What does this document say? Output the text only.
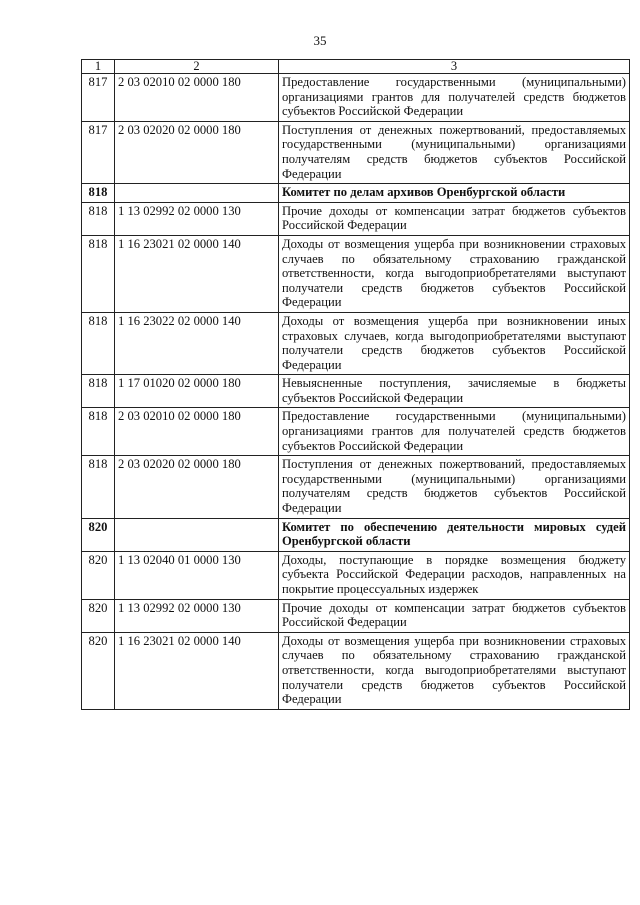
35
1	2	3
817	2 03 02010 02 0000 180	Предоставление государственными (муниципальными) организациями грантов для получателей средств бюджетов субъектов Российской Федерации
817	2 03 02020 02 0000 180	Поступления от денежных пожертвований, предоставляемых государственными (муниципальными) организациями получателям средств бюджетов субъектов Российской Федерации
818		Комитет по делам архивов Оренбургской области
818	1 13 02992 02 0000 130	Прочие доходы от компенсации затрат бюджетов субъектов Российской Федерации
818	1 16 23021 02 0000 140	Доходы от возмещения ущерба при возникновении страховых случаев по обязательному страхованию гражданской ответственности, когда выгодоприобретателями выступают получатели средств бюджетов субъектов Российской Федерации
818	1 16 23022 02 0000 140	Доходы от возмещения ущерба при возникновении иных страховых случаев, когда выгодоприобретателями выступают получатели средств бюджетов субъектов Российской Федерации
818	1 17 01020 02 0000 180	Невыясненные поступления, зачисляемые в бюджеты субъектов Российской Федерации
818	2 03 02010 02 0000 180	Предоставление государственными (муниципальными) организациями грантов для получателей средств бюджетов субъектов Российской Федерации
818	2 03 02020 02 0000 180	Поступления от денежных пожертвований, предоставляемых государственными (муниципальными) организациями получателям средств бюджетов субъектов Российской Федерации
820		Комитет по обеспечению деятельности мировых судей Оренбургской области
820	1 13 02040 01 0000 130	Доходы, поступающие в порядке возмещения бюджету субъекта Российской Федерации расходов, направленных на покрытие процессуальных издержек
820	1 13 02992 02 0000 130	Прочие доходы от компенсации затрат бюджетов субъектов Российской Федерации
820	1 16 23021 02 0000 140	Доходы от возмещения ущерба при возникновении страховых случаев по обязательному страхованию гражданской ответственности, когда выгодоприобретателями выступают получатели средств бюджетов субъектов Российской Федерации
